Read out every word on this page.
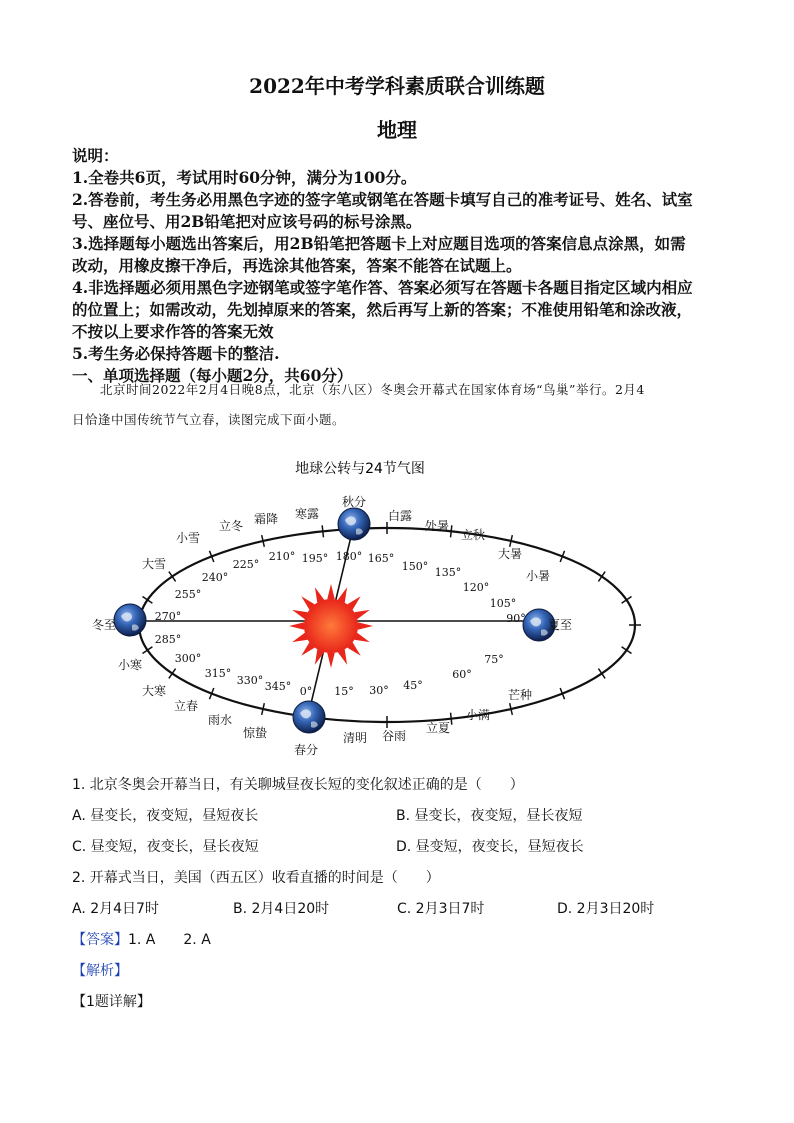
2022年中考学科素质联合训练题
地理
说明：
1.全卷共6页，考试用时60分钟，满分为100分。
2.答卷前，考生务必用黑色字迹的签字笔或钢笔在答题卡填写自己的准考证号、姓名、试室
号、座位号、用2B铅笔把对应该号码的标号涂黑。
3.选择题每小题选出答案后，用2B铅笔把答题卡上对应题目选项的答案信息点涂黑，如需
改动，用橡皮擦干净后，再选涂其他答案，答案不能答在试题上。
4.非选择题必须用黑色字迹钢笔或签字笔作答、答案必须写在答题卡各题目指定区域内相应
的位置上；如需改动，先划掉原来的答案，然后再写上新的答案；不准使用铅笔和涂改液，
不按以上要求作答的答案无效
5.考生务必保持答题卡的整洁.
一、单项选择题（每小题2分，共60分）
北京时间2022年2月4日晚8点，北京（东八区）冬奥会开幕式在国家体育场“鸟巢”举行。2月4
日恰逢中国传统节气立春，读图完成下面小题。
地球公转与24节气图
夏至
小暑
大暑
立秋
处暑
白露
秋分
寒露
霜降
立冬
小雪
大雪
冬至
小寒
大寒
立春
雨水
惊蛰
春分
清明 谷雨
立夏
小满
芒种
90°
105°
120°
135°
150°
165°
180°
195°
210°
225°
240°
255°
270°
285°
300°
315°
330° 345° 0° 15° 30° 45°
60°
75°
1. 北京冬奥会开幕当日，有关聊城昼夜长短的变化叙述正确的是（　　）
A. 昼变长，夜变短，昼短夜长	B. 昼变长，夜变短，昼长夜短
C. 昼变短，夜变长，昼长夜短	D. 昼变短，夜变长，昼短夜长
2. 开幕式当日，美国（西五区）收看直播的时间是（　　）
A. 2月4日7时	B. 2月4日20时	C. 2月3日7时	D. 2月3日20时
【答案】1. A　　2. A
【解析】
【1题详解】
